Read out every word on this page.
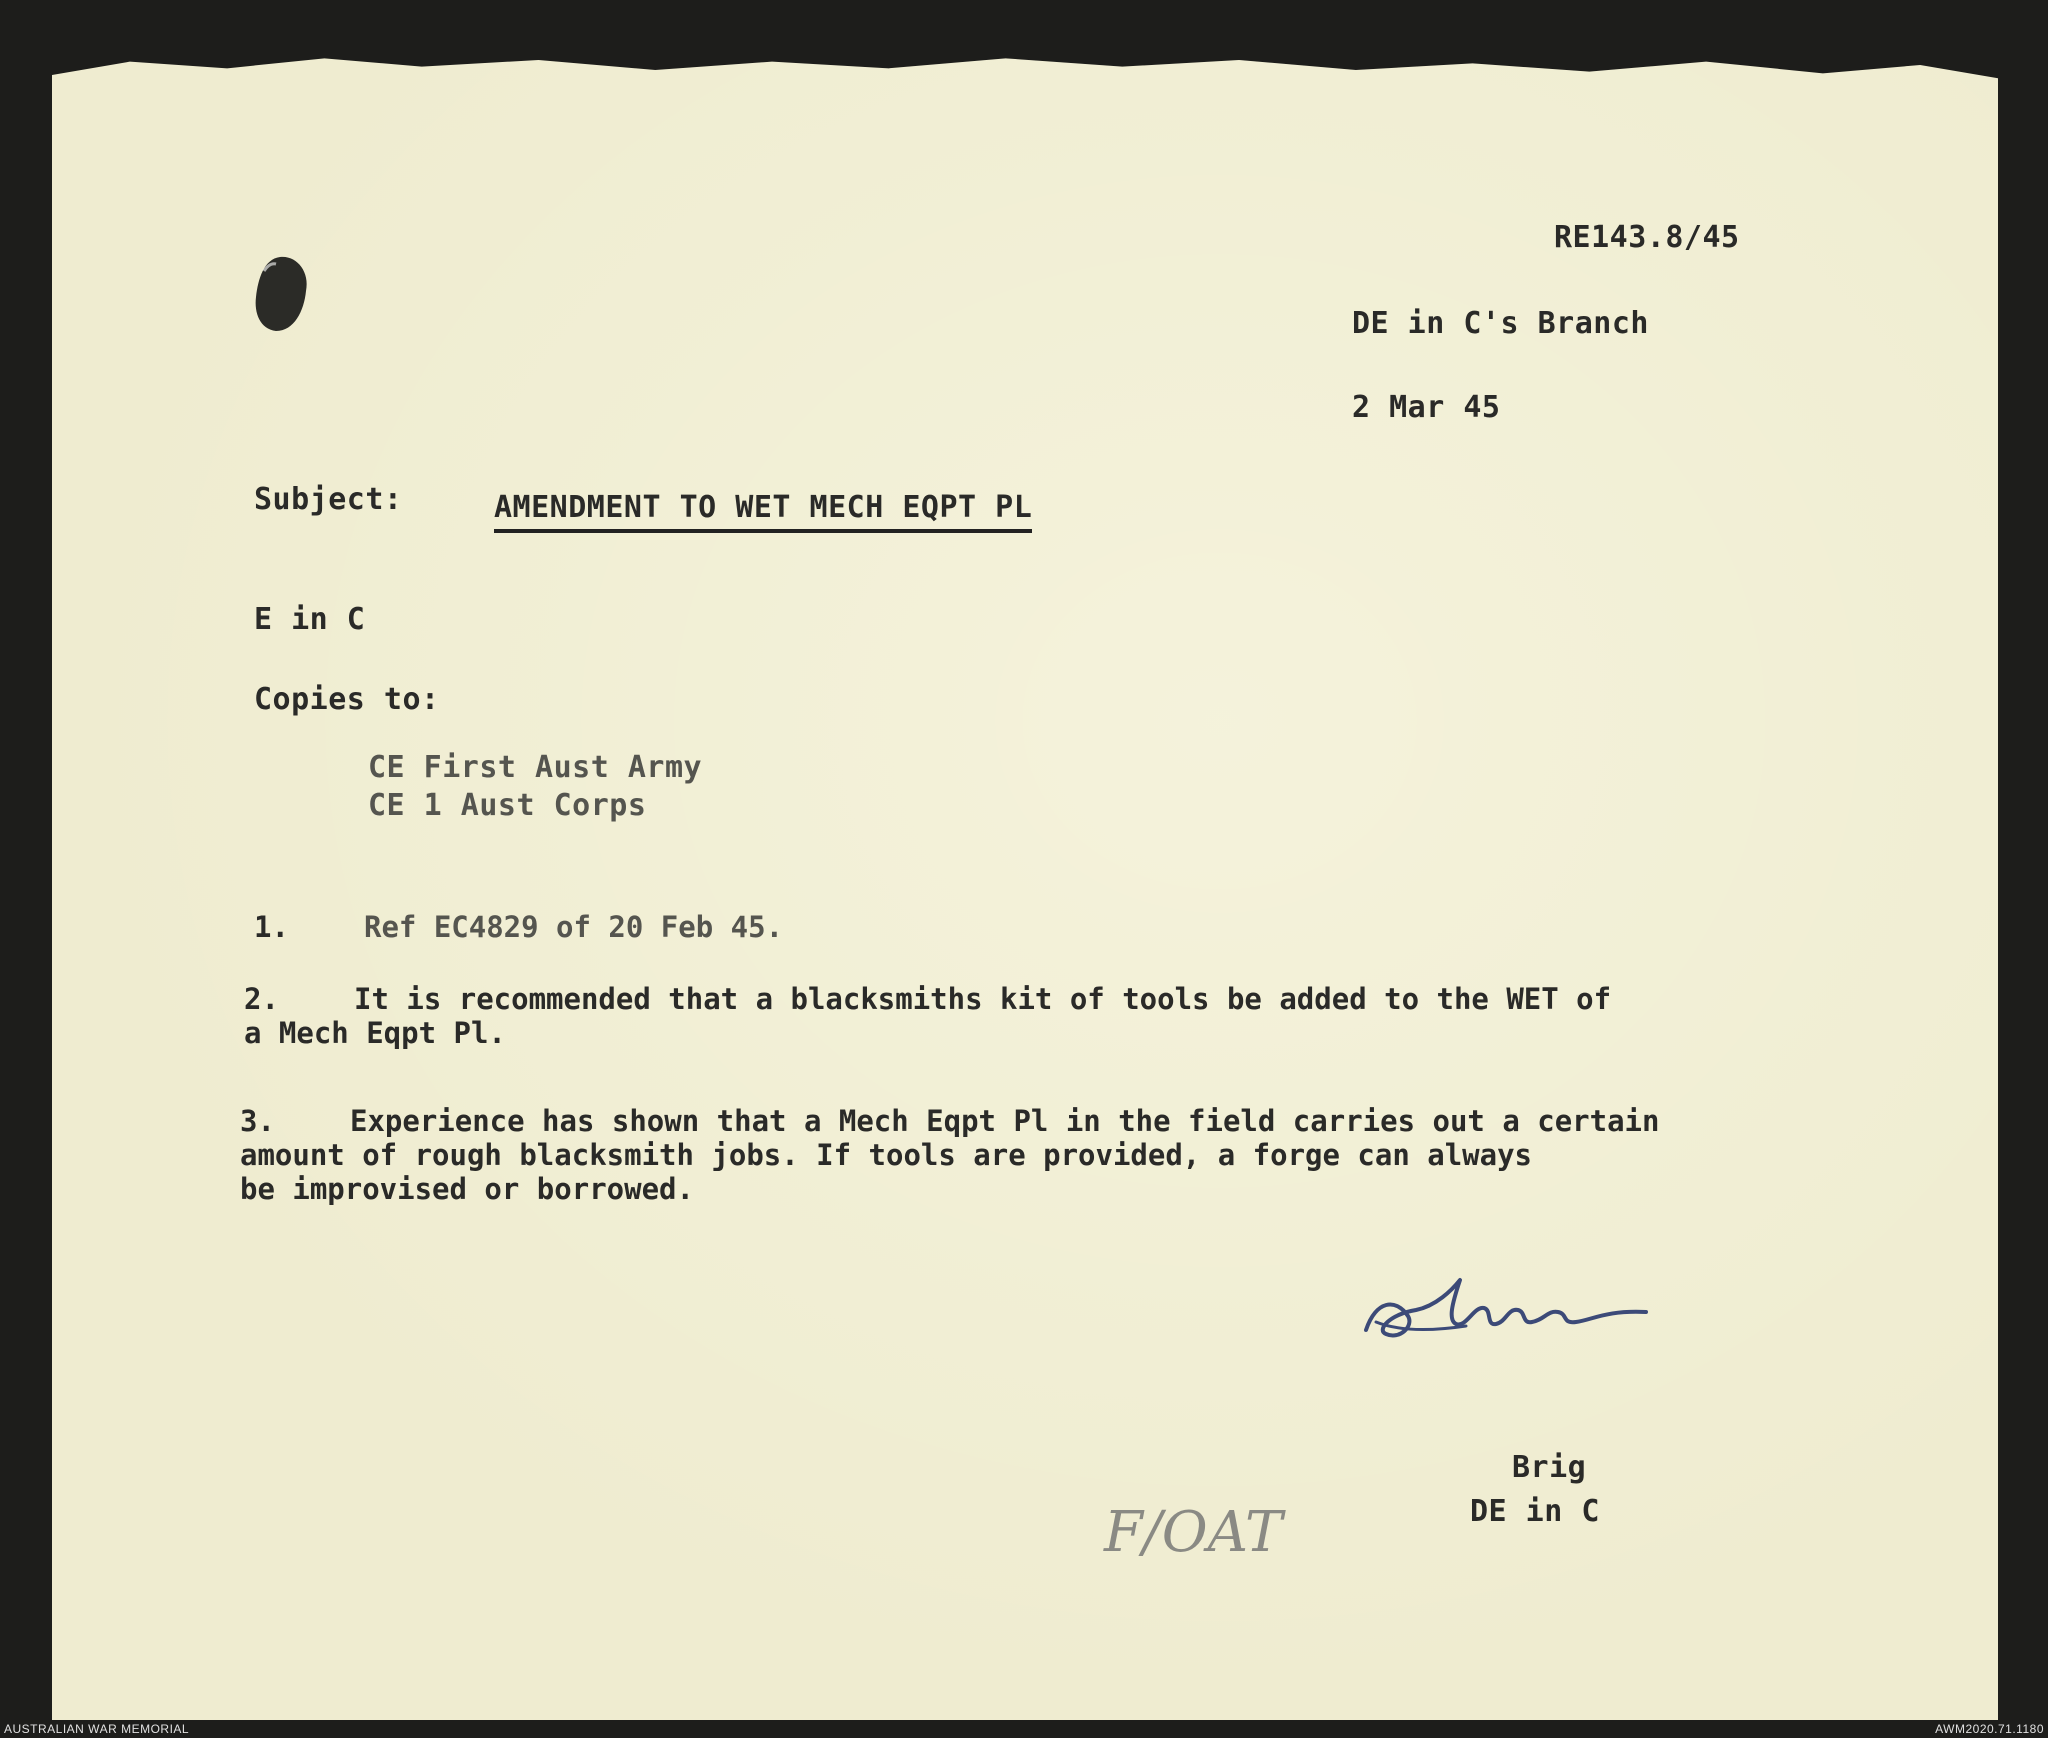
RE143.8/45
DE in C's Branch
2 Mar 45
Subject:	AMENDMENT TO WET MECH EQPT PL
E in C
Copies to:
CE First Aust Army
CE 1 Aust Corps
1.	Ref EC4829 of 20 Feb 45.
2.	It is recommended that a blacksmiths kit of tools be added to the WET of
a Mech Eqpt Pl.
3.	Experience has shown that a Mech Eqpt Pl in the field carries out a certain
amount of rough blacksmith jobs. If tools are provided, a forge can always
be improvised or borrowed.
Brig
DE in C
F/OAT
AUSTRALIAN WAR MEMORIAL	AWM2020.71.1180
